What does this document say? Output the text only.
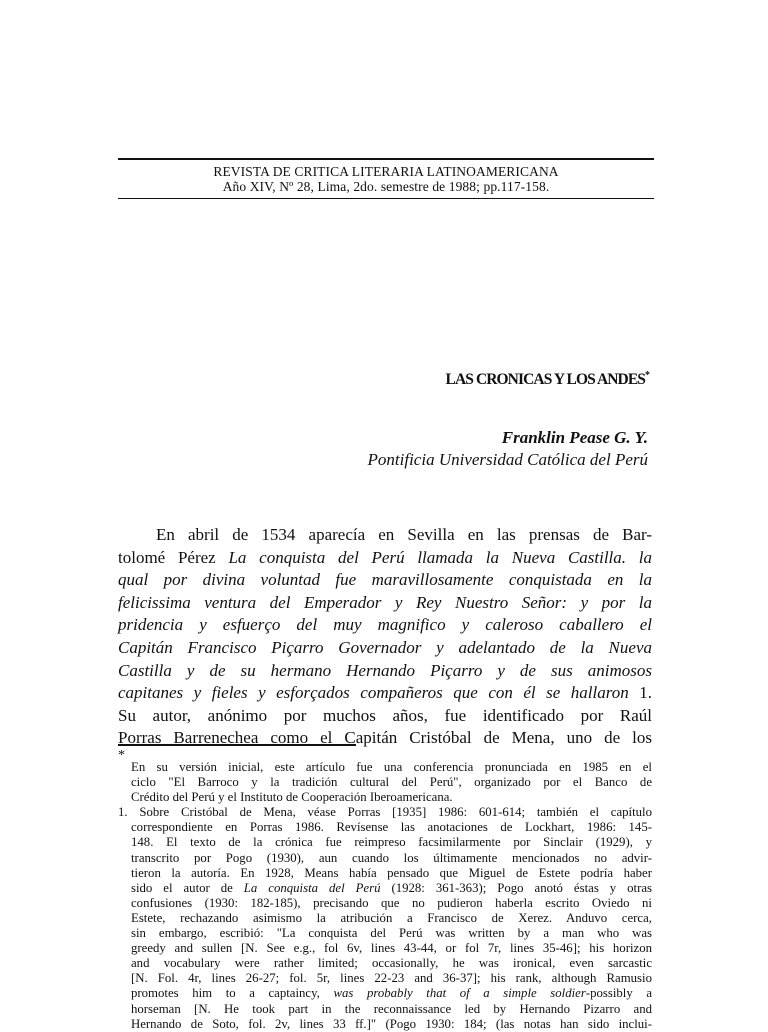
REVISTA DE CRITICA LITERARIA LATINOAMERICANA
Año XIV, Nº 28, Lima, 2do. semestre de 1988; pp.117-158.
LAS CRONICAS Y LOS ANDES*
Franklin Pease G. Y.
Pontificia Universidad Católica del Perú
En abril de 1534 aparecía en Sevilla en las prensas de Bar-
tolomé Pérez La conquista del Perú llamada la Nueva Castilla. la
qual por divina voluntad fue maravillosamente conquistada en la
felicissima ventura del Emperador y Rey Nuestro Señor: y por la
pridencia y esfuerço del muy magnifico y caleroso caballero el
Capitán Francisco Piçarro Governador y adelantado de la Nueva
Castilla y de su hermano Hernando Piçarro y de sus animosos
capitanes y fieles y esforçados compañeros que con él se hallaron 1.
Su autor, anónimo por muchos años, fue identificado por Raúl
Porras Barrenechea como el Capitán Cristóbal de Mena, uno de los
*
En su versión inicial, este artículo fue una conferencia pronunciada en 1985 en el
ciclo "El Barroco y la tradición cultural del Perú", organizado por el Banco de
Crédito del Perú y el Instituto de Cooperación Iberoamericana.
1. Sobre Cristóbal de Mena, véase Porras [1935] 1986: 601-614; también el capítulo
correspondiente en Porras 1986. Revísense las anotaciones de Lockhart, 1986: 145-
148. El texto de la crónica fue reimpreso facsimilarmente por Sinclair (1929), y
transcrito por Pogo (1930), aun cuando los últimamente mencionados no advir-
tieron la autoría. En 1928, Means había pensado que Miguel de Estete podría haber
sido el autor de La conquista del Perú (1928: 361-363); Pogo anotó éstas y otras
confusiones (1930: 182-185), precisando que no pudieron haberla escrito Oviedo ni
Estete, rechazando asimismo la atribución a Francisco de Xerez. Anduvo cerca,
sin embargo, escribió: "La conquista del Perú was written by a man who was
greedy and sullen [N. See e.g., fol 6v, lines 43-44, or fol 7r, lines 35-46]; his horizon
and vocabulary were rather limited; occasionally, he was ironical, even sarcastic
[N. Fol. 4r, lines 26-27; fol. 5r, lines 22-23 and 36-37]; his rank, although Ramusio
promotes him to a captaincy, was probably that of a simple soldier-possibly a
horseman [N. He took part in the reconnaissance led by Hernando Pizarro and
Hernando de Soto, fol. 2v, lines 33 ff.]" (Pogo 1930: 184; (las notas han sido inclui-
